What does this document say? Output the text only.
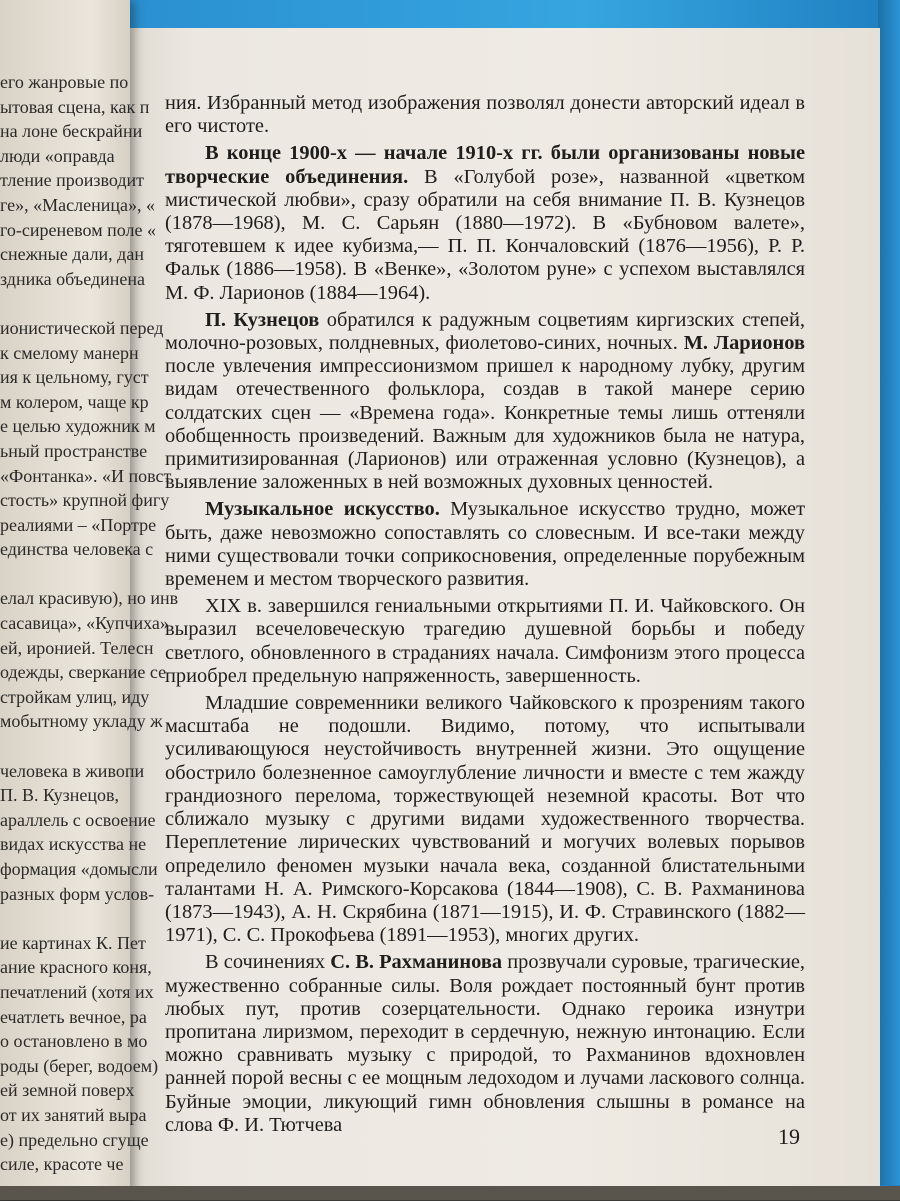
его жанровые по
ытовая сцена, как п
на лоне бескрайни
люди «оправда
тление производит
ге», «Масленица», «
го-сиреневом поле «
снежные дали, дан
здника объединена
ионистической перед
к смелому манерн
ия к цельному, густ
м колером, чаще кр
е целью художник м
ьный пространстве
«Фонтанка». «И повст
стость» крупной фигу
реалиями – «Портре
единства человека с
елал красивую), но инв
сасавица», «Купчиха»
ей, иронией. Телесн
одежды, сверкание се
стройкам улиц, иду
мобытному укладу ж
человека в живопи
П. В. Кузнецов,
араллель с освоение
видах искусства не
формация «домысли
разных форм услов-
ие картинах К. Пет
ание красного коня,
печатлений (хотя их
ечатлеть вечное, ра
о остановлено в мо
роды (берег, водоем)
ей земной поверх
от их занятий выра
е) предельно сгуще
силе, красоте че

ния. Избранный метод изображения позволял донести авторский идеал в его чистоте.

В конце 1900-х — начале 1910-х гг. были организованы новые творческие объединения. В «Голубой розе», названной «цветком мистической любви», сразу обратили на себя внимание П. В. Кузнецов (1878—1968), М. С. Сарьян (1880—1972). В «Бубновом валете», тяготевшем к идее кубизма,— П. П. Кончаловский (1876—1956), Р. Р. Фальк (1886—1958). В «Венке», «Золотом руне» с успехом выставлялся М. Ф. Ларионов (1884—1964).

П. Кузнецов обратился к радужным соцветиям киргизских степей, молочно-розовых, полдневных, фиолетово-синих, ночных. М. Ларионов после увлечения импрессионизмом пришел к народному лубку, другим видам отечественного фольклора, создав в такой манере серию солдатских сцен — «Времена года». Конкретные темы лишь оттеняли обобщенность произведений. Важным для художников была не натура, примитизированная (Ларионов) или отраженная условно (Кузнецов), а выявление заложенных в ней возможных духовных ценностей.

Музыкальное искусство. Музыкальное искусство трудно, может быть, даже невозможно сопоставлять со словесным. И все-таки между ними существовали точки соприкосновения, определенные порубежным временем и местом творческого развития.

XIX в. завершился гениальными открытиями П. И. Чайковского. Он выразил всечеловеческую трагедию душевной борьбы и победу светлого, обновленного в страданиях начала. Симфонизм этого процесса приобрел предельную напряженность, завершенность.

Младшие современники великого Чайковского к прозрениям такого масштаба не подошли. Видимо, потому, что испытывали усиливающуюся неустойчивость внутренней жизни. Это ощущение обострило болезненное самоуглубление личности и вместе с тем жажду грандиозного перелома, торжествующей неземной красоты. Вот что сближало музыку с другими видами художественного творчества. Переплетение лирических чувствований и могучих волевых порывов определило феномен музыки начала века, созданной блистательными талантами Н. А. Римского-Корсакова (1844—1908), С. В. Рахманинова (1873—1943), А. Н. Скрябина (1871—1915), И. Ф. Стравинского (1882—1971), С. С. Прокофьева (1891—1953), многих других.

В сочинениях С. В. Рахманинова прозвучали суровые, трагические, мужественно собранные силы. Воля рождает постоянный бунт против любых пут, против созерцательности. Однако героика изнутри пропитана лиризмом, переходит в сердечную, нежную интонацию. Если можно сравнивать музыку с природой, то Рахманинов вдохновлен ранней порой весны с ее мощным ледоходом и лучами ласкового солнца. Буйные эмоции, ликующий гимн обновления слышны в романсе на слова Ф. И. Тютчева	19
